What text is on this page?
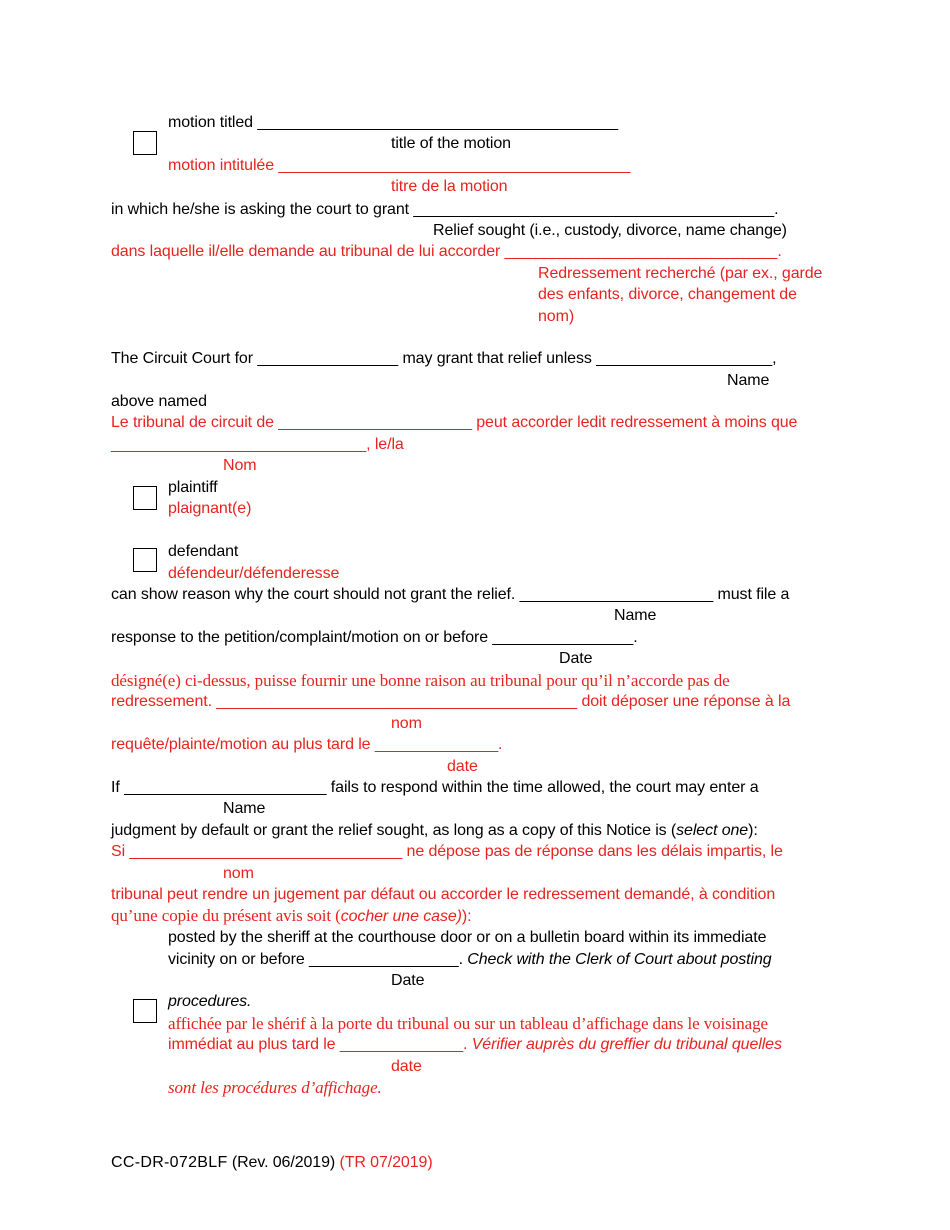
motion titled _________________________________________
title of the motion
motion intitulée ________________________________________
titre de la motion
in which he/she is asking the court to grant _________________________________________.
Relief sought (i.e., custody, divorce, name change)
dans laquelle il/elle demande au tribunal de lui accorder _______________________________.
Redressement recherché (par ex., garde
des enfants, divorce, changement de
nom)
The Circuit Court for ________________ may grant that relief unless ____________________,
Name
above named
Le tribunal de circuit de ______________________ peut accorder ledit redressement à moins que
_____________________________, le/la
Nom
plaintiff
plaignant(e)
defendant
défendeur/défenderesse
can show reason why the court should not grant the relief. ______________________ must file a
Name
response to the petition/complaint/motion on or before ________________.
Date
désigné(e) ci-dessus, puisse fournir une bonne raison au tribunal pour qu’il n’accorde pas de
redressement. _________________________________________ doit déposer une réponse à la
nom
requête/plainte/motion au plus tard le ______________.
date
If _______________________ fails to respond within the time allowed, the court may enter a
Name
judgment by default or grant the relief sought, as long as a copy of this Notice is (select one):
Si _______________________________ ne dépose pas de réponse dans les délais impartis, le
nom
tribunal peut rendre un jugement par défaut ou accorder le redressement demandé, à condition
qu’une copie du présent avis soit (cocher une case)):
posted by the sheriff at the courthouse door or on a bulletin board within its immediate
vicinity on or before _________________. Check with the Clerk of Court about posting
Date
procedures.
affichée par le shérif à la porte du tribunal ou sur un tableau d’affichage dans le voisinage
immédiat au plus tard le ______________. Vérifier auprès du greffier du tribunal quelles
date
sont les procédures d’affichage.
CC-DR-072BLF (Rev. 06/2019) (TR 07/2019)
